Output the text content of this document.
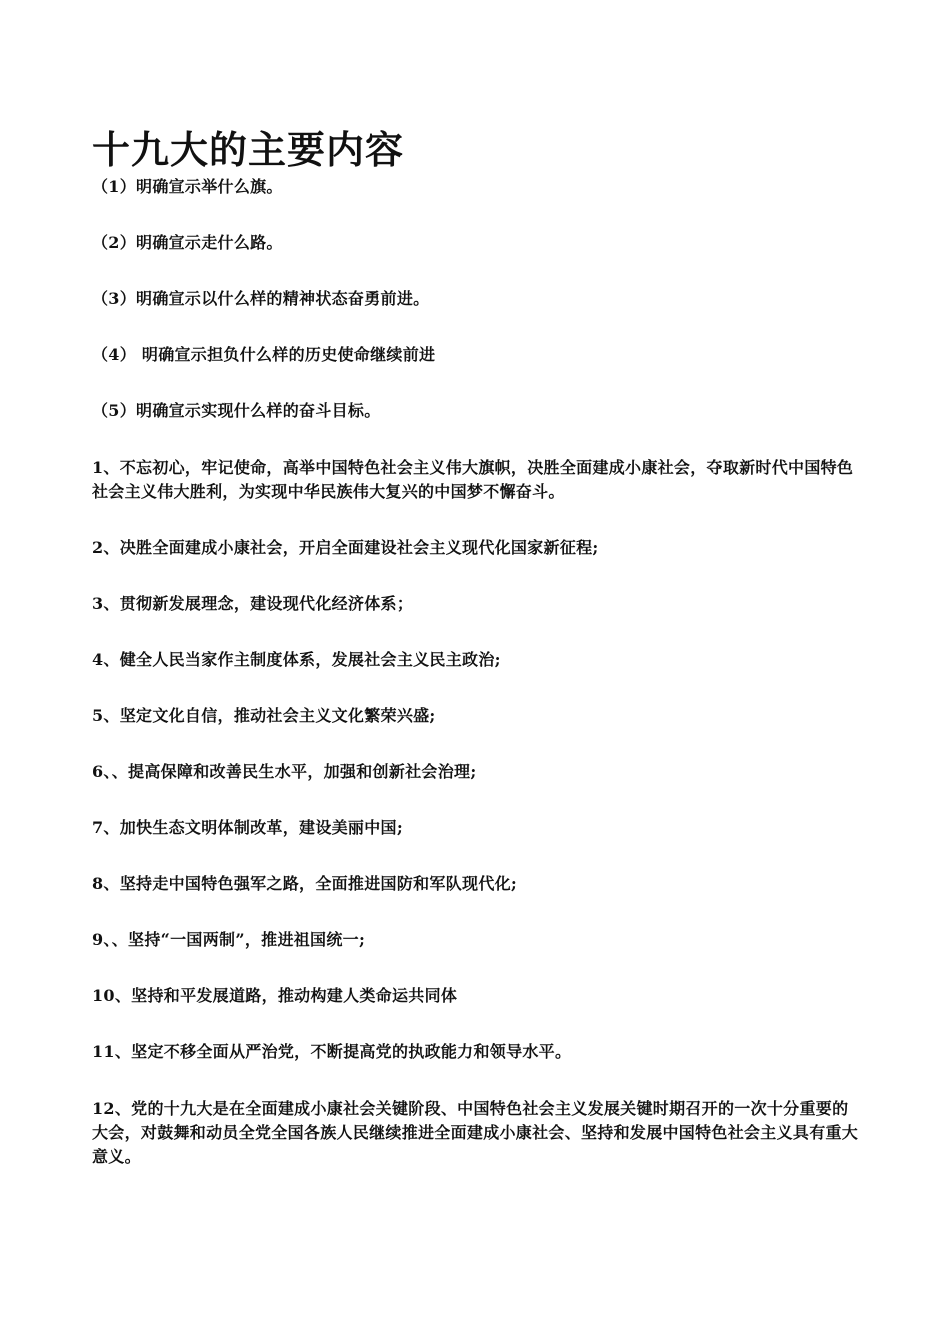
十九大的主要内容

（1）明确宣示举什么旗。

（2）明确宣示走什么路。

（3）明确宣示以什么样的精神状态奋勇前进。

（4） 明确宣示担负什么样的历史使命继续前进

（5）明确宣示实现什么样的奋斗目标。

1、不忘初心，牢记使命，高举中国特色社会主义伟大旗帜，决胜全面建成小康社会，夺取新时代中国特色社会主义伟大胜利，为实现中华民族伟大复兴的中国梦不懈奋斗。

2、决胜全面建成小康社会，开启全面建设社会主义现代化国家新征程;

3、贯彻新发展理念，建设现代化经济体系；

4、健全人民当家作主制度体系，发展社会主义民主政治;

5、坚定文化自信，推动社会主义文化繁荣兴盛;

6、、提高保障和改善民生水平，加强和创新社会治理;

7、加快生态文明体制改革，建设美丽中国;

8、坚持走中国特色强军之路，全面推进国防和军队现代化;

9、、坚持“一国两制”，推进祖国统一;

10、坚持和平发展道路，推动构建人类命运共同体

11、坚定不移全面从严治党，不断提高党的执政能力和领导水平。

12、党的十九大是在全面建成小康社会关键阶段、中国特色社会主义发展关键时期召开的一次十分重要的大会，对鼓舞和动员全党全国各族人民继续推进全面建成小康社会、坚持和发展中国特色社会主义具有重大意义。
